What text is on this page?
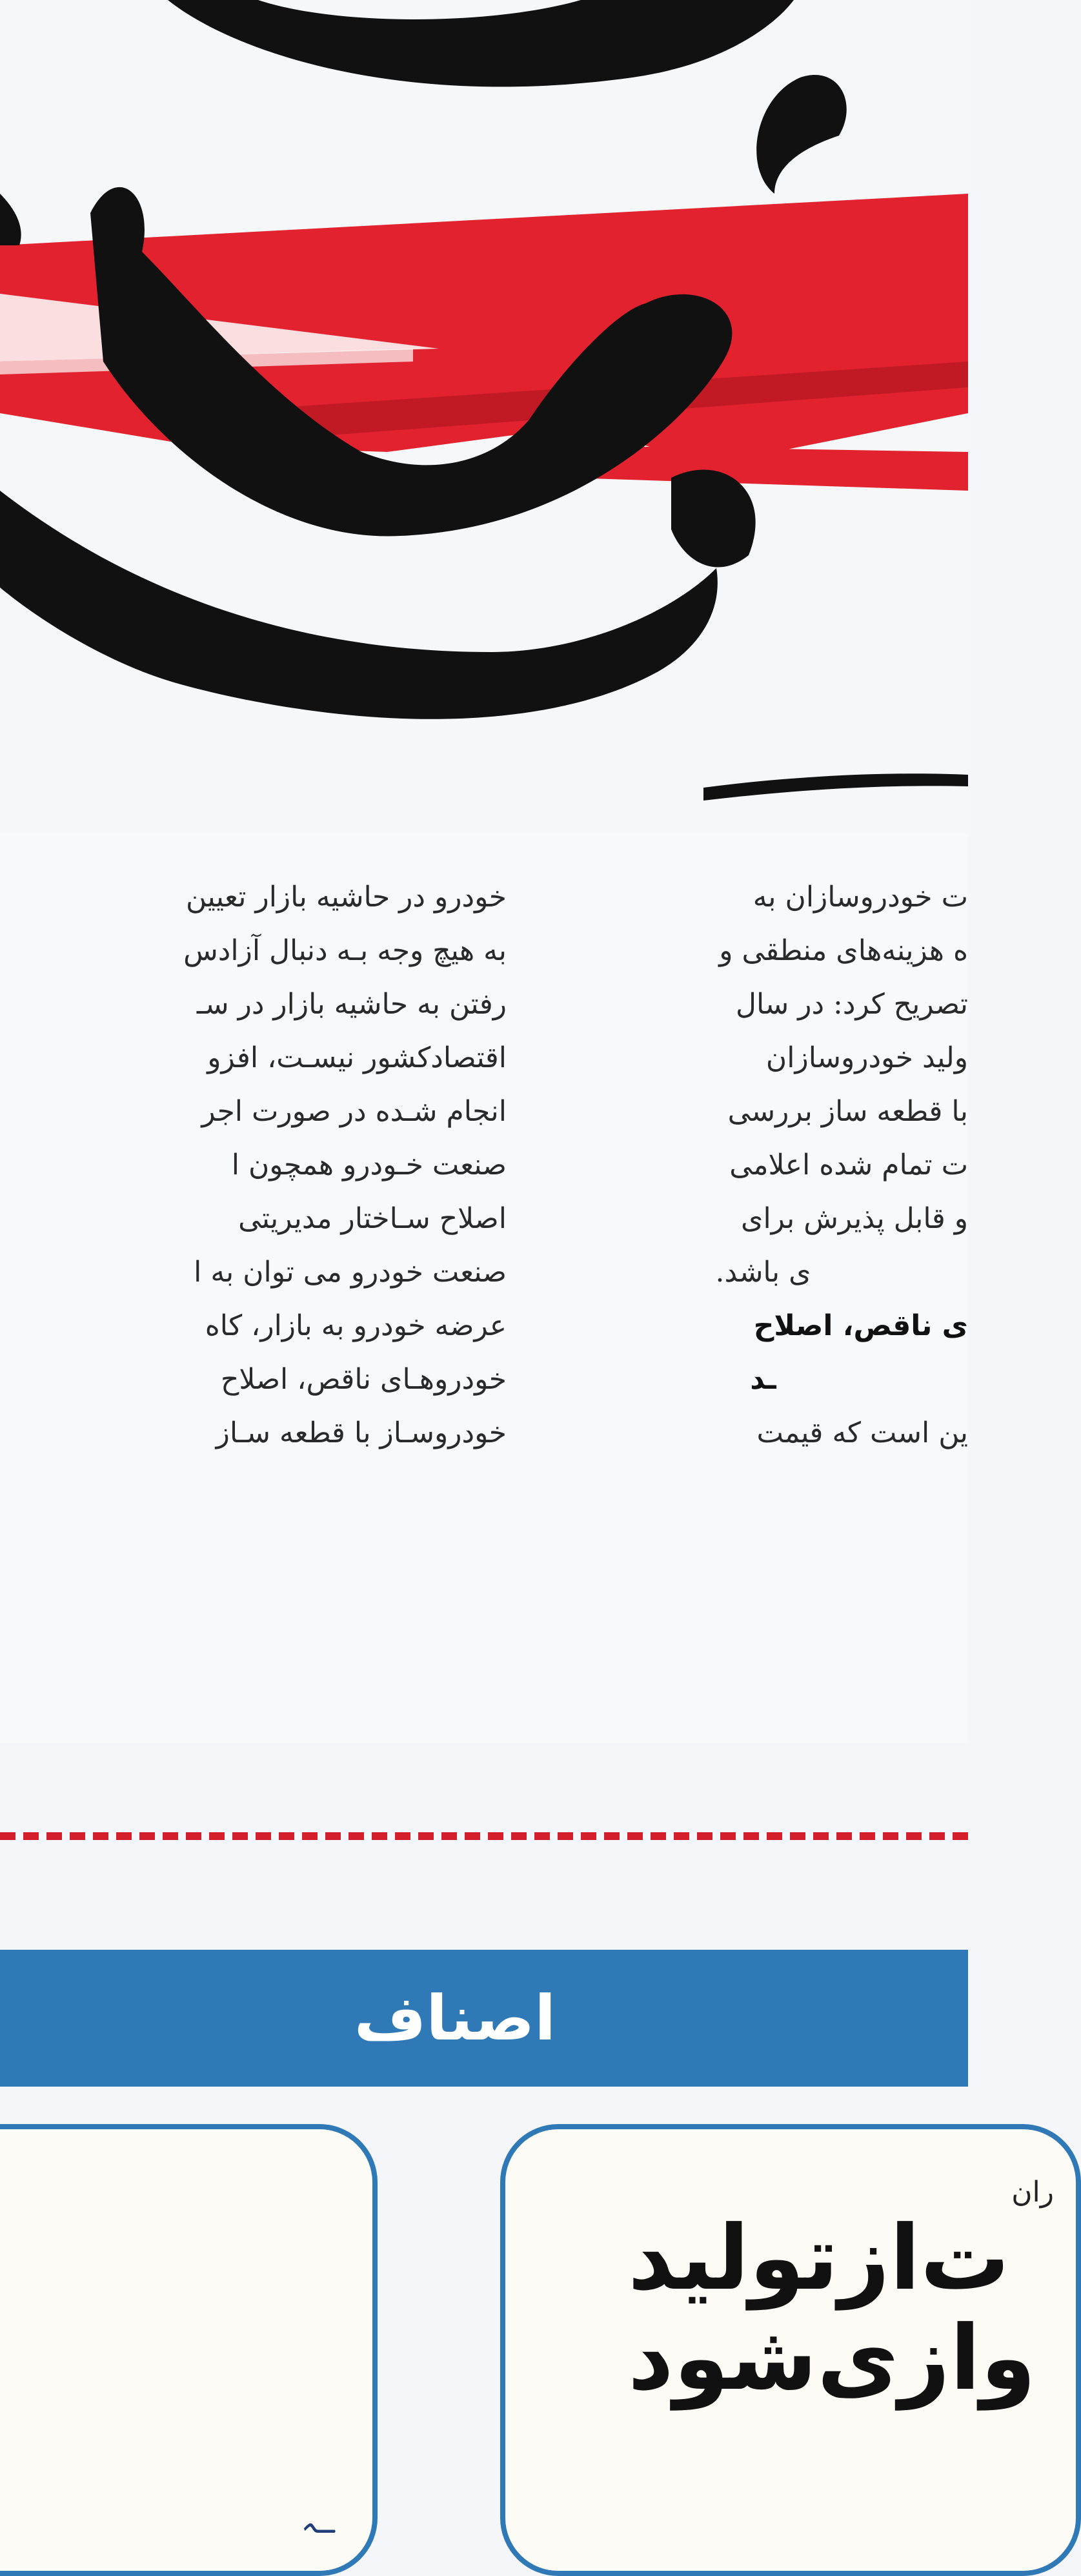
ت خودروسازان به
ه هزینه‌های منطقی و
تصریح کرد: در سال
ولید خودروسازان
با قطعه ساز بررسی
ت تمام شده اعلامی
و قابل پذیرش برای
ی باشد.
ی ناقص، اصلاح
ـد
ین است که قیمت
خودرو در حاشیه بازار تعیین
به هیچ وجه بـه دنبال آزادس
رفتن به حاشیه بازار در سـ
اقتصادکشور نیسـت، افزو
انجام شـده در صورت اجر
صنعت خـودرو همچون ا
اصلاح سـاختار مدیریتی
صنعت خودرو می توان به ا
عرضه خودرو به بازار، کاه
خودروهـای ناقص، اصلاح
خودروسـاز با قطعه سـاز
اصناف
ـہ
ران
ت‌ازتولید
وازی‌شود
